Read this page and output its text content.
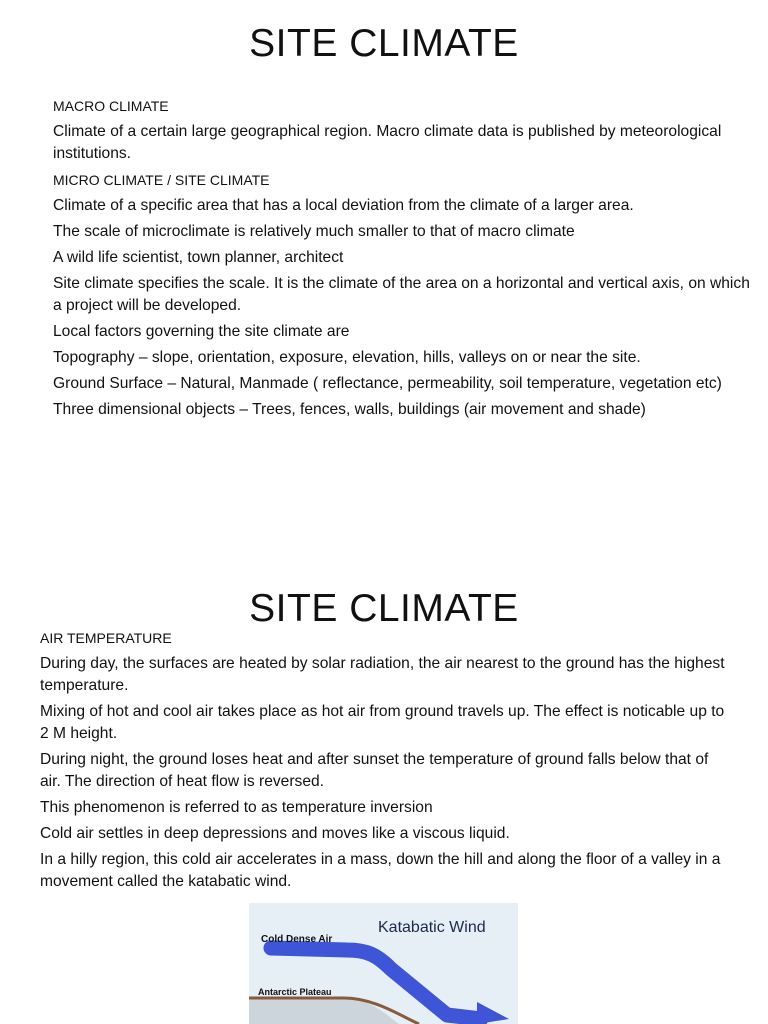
SITE CLIMATE

MACRO CLIMATE

Climate of a certain large geographical region. Macro climate data is published by meteorological institutions.

MICRO CLIMATE / SITE CLIMATE

Climate of a specific area that has a local deviation from the climate of a larger area.

The scale of microclimate is relatively much smaller to that of macro climate

A wild life scientist, town planner, architect

Site climate specifies the scale. It is the climate of the area on a horizontal and vertical axis, on which a project will be developed.

Local factors governing the site climate are

Topography – slope, orientation, exposure, elevation, hills, valleys on or near the site.

Ground Surface – Natural, Manmade ( reflectance, permeability, soil temperature, vegetation etc)

Three dimensional objects – Trees, fences, walls, buildings (air movement and shade)

SITE CLIMATE

AIR TEMPERATURE

During day, the surfaces are heated by solar radiation, the air nearest to the ground has the highest temperature.

Mixing of hot and cool air takes place as hot air from ground travels up. The effect is noticable up to 2 M height.

During night, the ground loses heat and after sunset the temperature of ground falls below that of air. The direction of heat flow is reversed.

This phenomenon is referred to as temperature inversion

Cold air settles in deep depressions and moves like a viscous liquid.

In a hilly region, this cold air accelerates in a mass, down the hill and along the floor of a valley in a movement called the katabatic wind.

Katabatic Wind
Cold Dense Air
Antarctic Plateau
